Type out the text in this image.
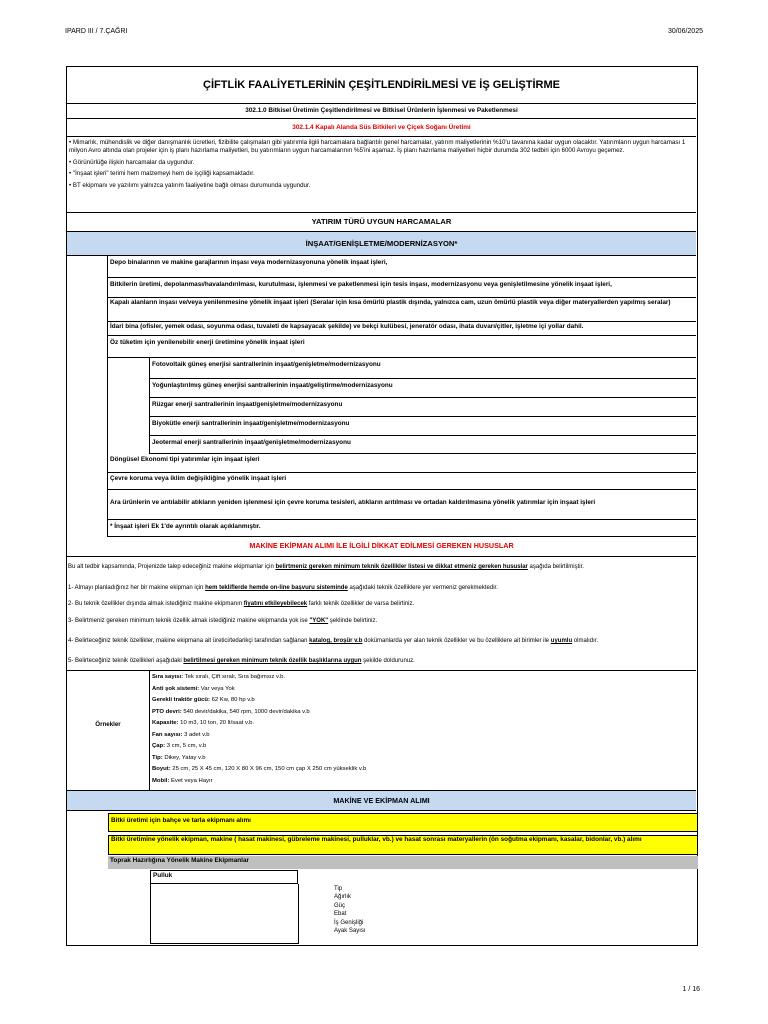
IPARD III / 7.ÇAĞRI	30/06/2025
ÇİFTLİK FAALİYETLERİNİN ÇEŞİTLENDİRİLMESİ VE İŞ GELİŞTİRME
302.1.0 Bitkisel Üretimin Çeşitlendirilmesi ve Bitkisel Ürünlerin İşlenmesi ve Paketlenmesi
302.1.4 Kapalı Alanda Süs Bitkileri ve Çiçek Soğanı Üretimi

• Mimarlık, mühendislik ve diğer danışmanlık ücretleri, fizibilite çalışmaları gibi yatırımla ilgili harcamalara bağlantılı genel harcamalar, yatırım maliyetlerinin %10'u tavanına kadar uygun olacaktır. Yatırımların uygun harcaması 1 milyon Avro altında olan projeler için iş planı hazırlama maliyetleri, bu yatırımların uygun harcamalarının %5'ini aşamaz. İş planı hazırlama maliyetleri hiçbir durumda 302 tedbiri için 6000 Avroyu geçemez.

• Görünürlüğe ilişkin harcamalar da uygundur.

• "İnşaat işleri" terimi hem malzemeyi hem de işçiliği kapsamaktadır.

• BT ekipmanı ve yazılımı yalnızca yatırım faaliyetine bağlı olması durumunda uygundur.

YATIRIM TÜRÜ UYGUN HARCAMALAR
İNŞAAT/GENİŞLETME/MODERNİZASYON*
Depo binalarının ve makine garajlarının inşası veya modernizasyonuna yönelik inşaat işleri,
Bitkilerin üretimi, depolanması/havalandırılması, kurutulması, işlenmesi ve paketlenmesi için tesis inşası, modernizasyonu veya genişletilmesine yönelik inşaat işleri,
Kapalı alanların inşası ve/veya yenilenmesine yönelik inşaat işleri (Seralar için kısa ömürlü plastik dışında, yalnızca cam, uzun ömürlü plastik veya diğer materyallerden yapılmış seralar)
İdari bina (ofisler, yemek odası, soyunma odası, tuvaleti de kapsayacak şekilde) ve bekçi kulübesi, jeneratör odası, ihata duvarı/çitler, işletme içi yollar dahil.
Öz tüketim için yenilenebilir enerji üretimine yönelik inşaat işleri
Fotovoltaik güneş enerjisi santrallerinin inşaat/genişletme/modernizasyonu
Yoğunlaştırılmış güneş enerjisi santrallerinin inşaat/geliştirme/modernizasyonu
Rüzgar enerji santrallerinin inşaat/genişletme/modernizasyonu
Biyokütle enerji santrallerinin inşaat/genişletme/modernizasyonu
Jeotermal enerji santrallerinin inşaat/genişletme/modernizasyonu
Döngüsel Ekonomi tipi yatırımlar için inşaat işleri
Çevre koruma veya iklim değişikliğine yönelik inşaat işleri
Ara ürünlerin ve arıtılabilir atıkların yeniden işlenmesi için çevre koruma tesisleri, atıkların arıtılması ve ortadan kaldırılmasına yönelik yatırımlar için inşaat işleri
* İnşaat işleri Ek 1'de ayrıntılı olarak açıklanmıştır.
MAKİNE EKİPMAN ALIMI İLE İLGİLİ DİKKAT EDİLMESİ GEREKEN HUSUSLAR
Bu alt tedbir kapsamında, Projenizde talep edeceğiniz makine ekipmanlar için belirtmeniz gereken minimum teknik özellikler listesi ve dikkat etmeniz gereken hususlar aşağıda belirtilmiştir.
1- Almayı planladığınız her bir makine ekipman için hem tekliflerde hemde on-line başvuru sisteminde aşağıdaki teknik özelliklere yer vermeniz gerekmektedir.
2- Bu teknik özellikler dışında almak istediğiniz makine ekipmanın fiyatını etkileyebilecek farklı teknik özellikler de varsa belirtiniz.
3- Belirtmeniz gereken minimum teknik özellik almak istediğiniz makine ekipmanda yok ise "YOK" şeklinde belirtiniz.
4- Belirteceğiniz teknik özellikler, makine ekipmana ait üretici/tedarikçi tarafından sağlanan katalog, broşür v.b dokümanlarda yer alan teknik özellikler ve bu özelliklere ait birimler ile uyumlu olmalıdır.
5- Belirteceğiniz teknik özellikleri aşağıdaki belirtilmesi gereken minimum teknik özellik başlıklarına uygun şekilde doldurunuz.
Örnekler

Sıra sayısı: Tek sıralı, Çift sıralı, Sıra bağımsız v.b.

Anti şok sistemi: Var veya Yok

Gerekli traktör gücü: 62 Kw, 80 hp v.b

PTO devri: 540 devir/dakika, 540 rpm, 1000 devir/dakika v.b

Kapasite: 10 m3, 10 ton, 20 lt/saat v.b.

Fan sayısı: 3 adet v.b

Çap: 3 cm, 5 cm, v.b

Tip: Dikey, Yatay v.b

Boyut: 25 cm, 25 X 45 cm, 120 X 80 X 96 cm, 150 cm çap X 250 cm yükseklik v.b

Mobil: Evet veya Hayır

MAKİNE VE EKİPMAN ALIMI
Bitki üretimi için bahçe ve tarla ekipmanı alımı
Bitki üretimine yönelik ekipman, makine ( hasat makinesi, gübreleme makinesi, pulluklar, vb.) ve hasat sonrası materyallerin (ön soğutma ekipmanı, kasalar, bidonlar, vb.) alımı
Toprak Hazırlığına Yönelik Makine Ekipmanlar
Pulluk

Tip

Ağırlık

Güç

Ebat

İş Genişliği

Ayak Sayısı

1 / 16
